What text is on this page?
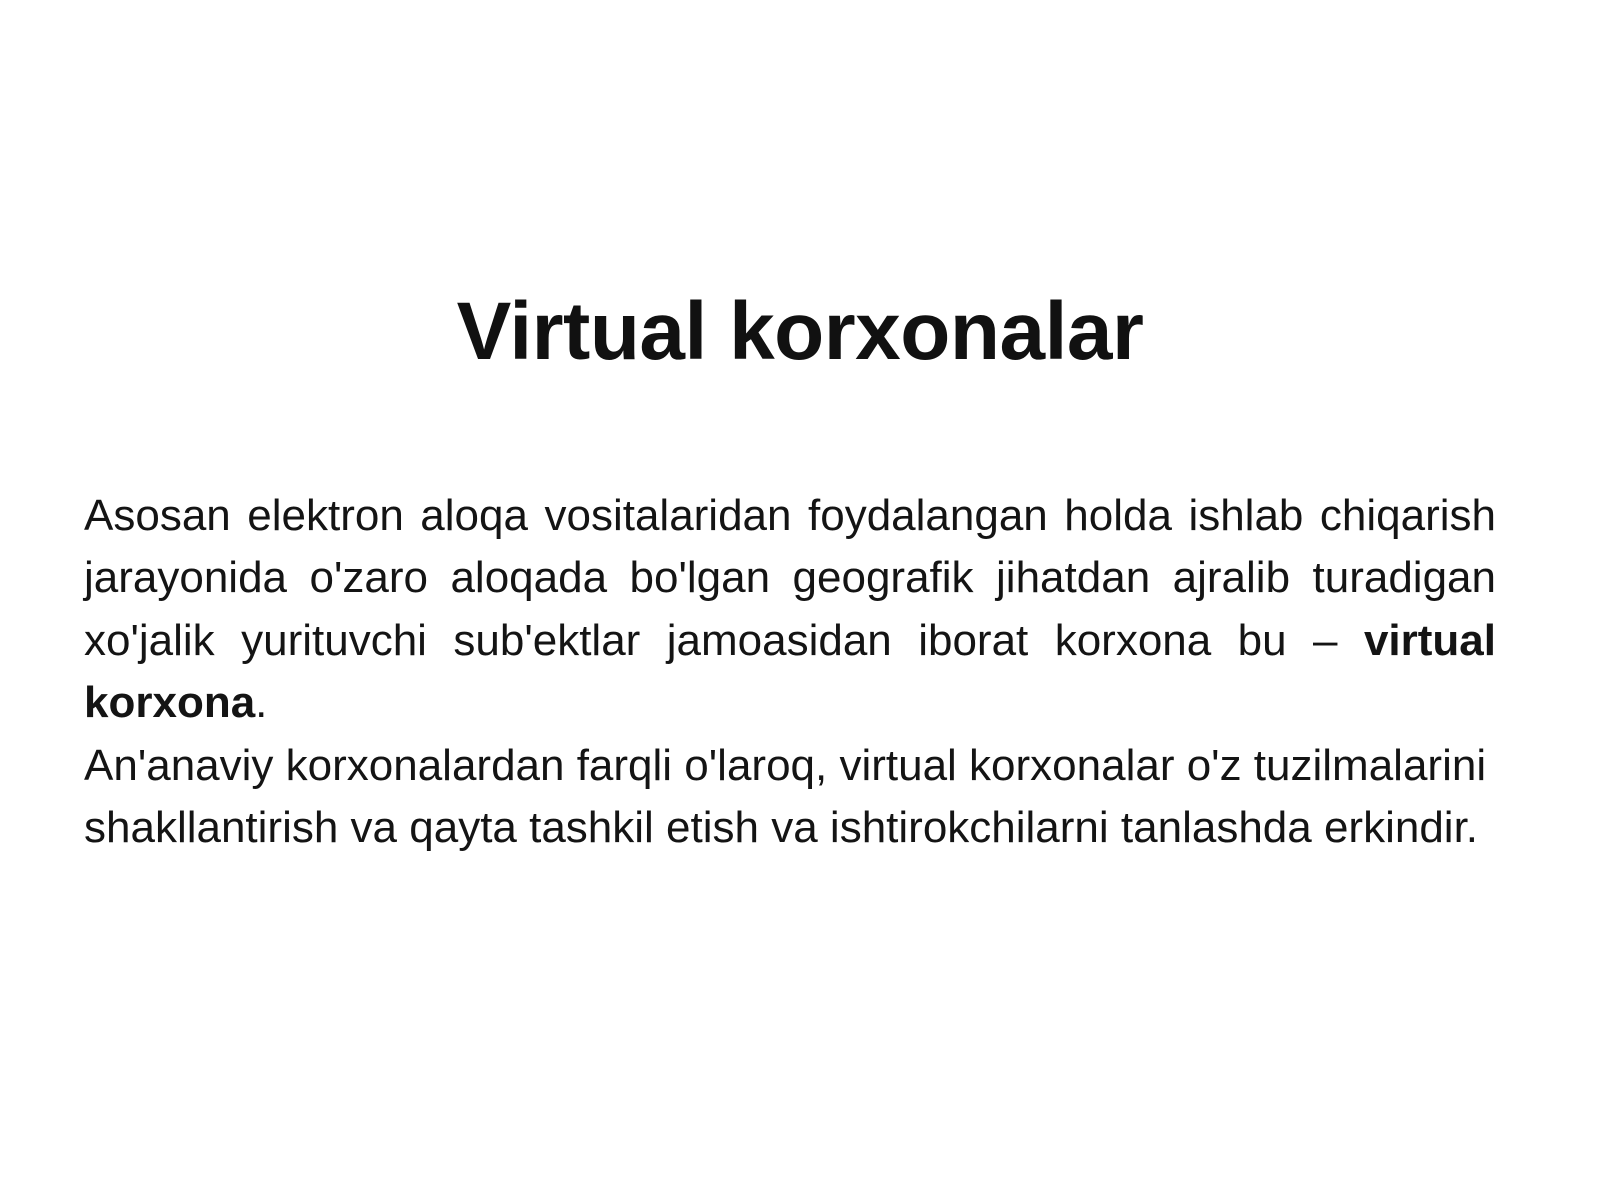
Virtual korxonalar

Asosan elektron aloqa vositalaridan foydalangan holda ishlab chiqarish jarayonida o'zaro aloqada bo'lgan geografik jihatdan ajralib turadigan xo'jalik yurituvchi sub'ektlar jamoasidan iborat korxona bu – virtual korxona.

An'anaviy korxonalardan farqli o'laroq, virtual korxonalar o'z tuzilmalarini shakllantirish va qayta tashkil etish va ishtirokchilarni tanlashda erkindir.
